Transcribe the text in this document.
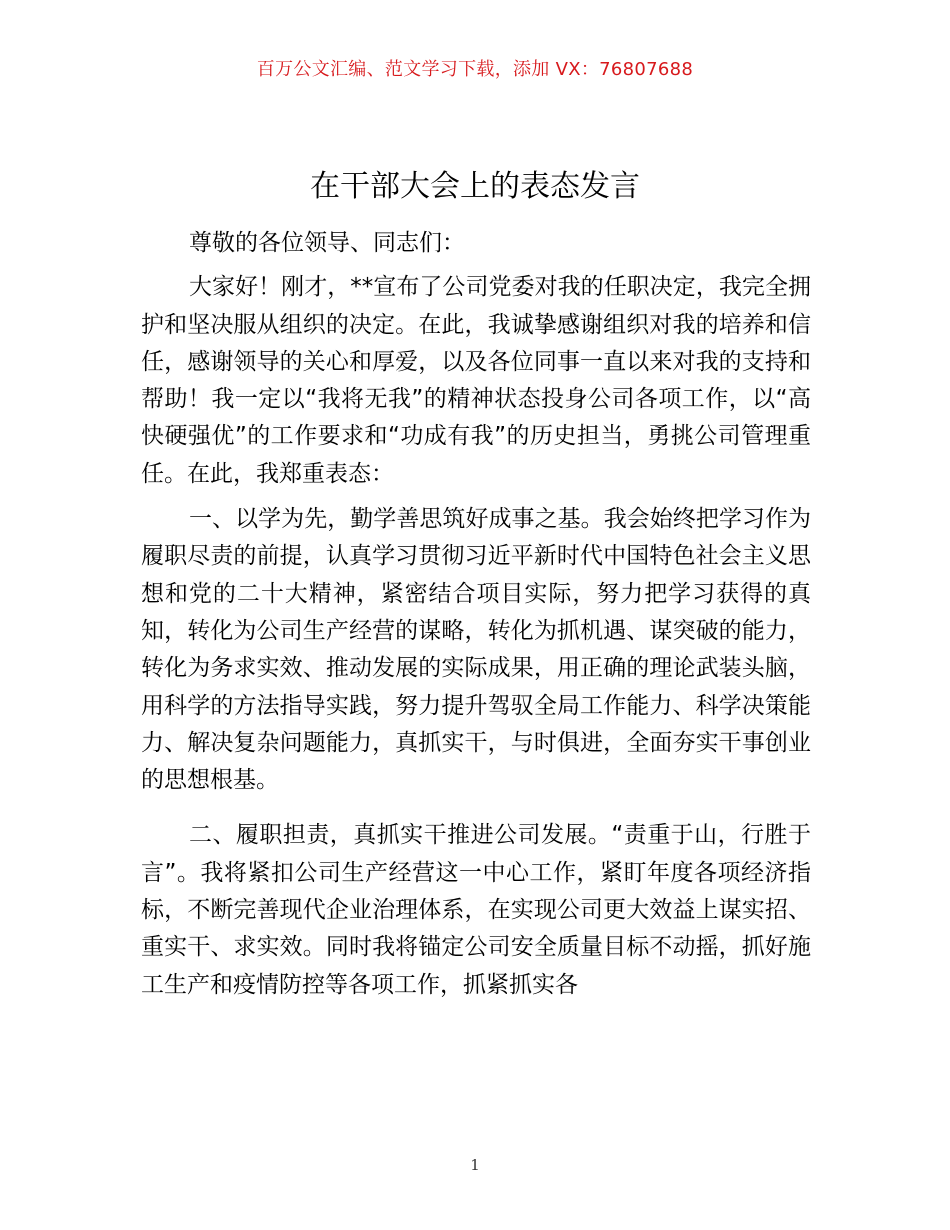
百万公文汇编、范文学习下载，添加 VX：76807688
在干部大会上的表态发言

尊敬的各位领导、同志们：

大家好！刚才，**宣布了公司党委对我的任职决定，我完全拥护和坚决服从组织的决定。在此，我诚挚感谢组织对我的培养和信任，感谢领导的关心和厚爱，以及各位同事一直以来对我的支持和帮助！我一定以“我将无我”的精神状态投身公司各项工作，以“高快硬强优”的工作要求和“功成有我”的历史担当，勇挑公司管理重任。在此，我郑重表态：

一、以学为先，勤学善思筑好成事之基。我会始终把学习作为履职尽责的前提，认真学习贯彻习近平新时代中国特色社会主义思想和党的二十大精神，紧密结合项目实际，努力把学习获得的真知，转化为公司生产经营的谋略，转化为抓机遇、谋突破的能力，转化为务求实效、推动发展的实际成果，用正确的理论武装头脑，用科学的方法指导实践，努力提升驾驭全局工作能力、科学决策能力、解决复杂问题能力，真抓实干，与时俱进，全面夯实干事创业的思想根基。

二、履职担责，真抓实干推进公司发展。“责重于山，行胜于言”。我将紧扣公司生产经营这一中心工作，紧盯年度各项经济指标，不断完善现代企业治理体系，在实现公司更大效益上谋实招、重实干、求实效。同时我将锚定公司安全质量目标不动摇，抓好施工生产和疫情防控等各项工作，抓紧抓实各

1
